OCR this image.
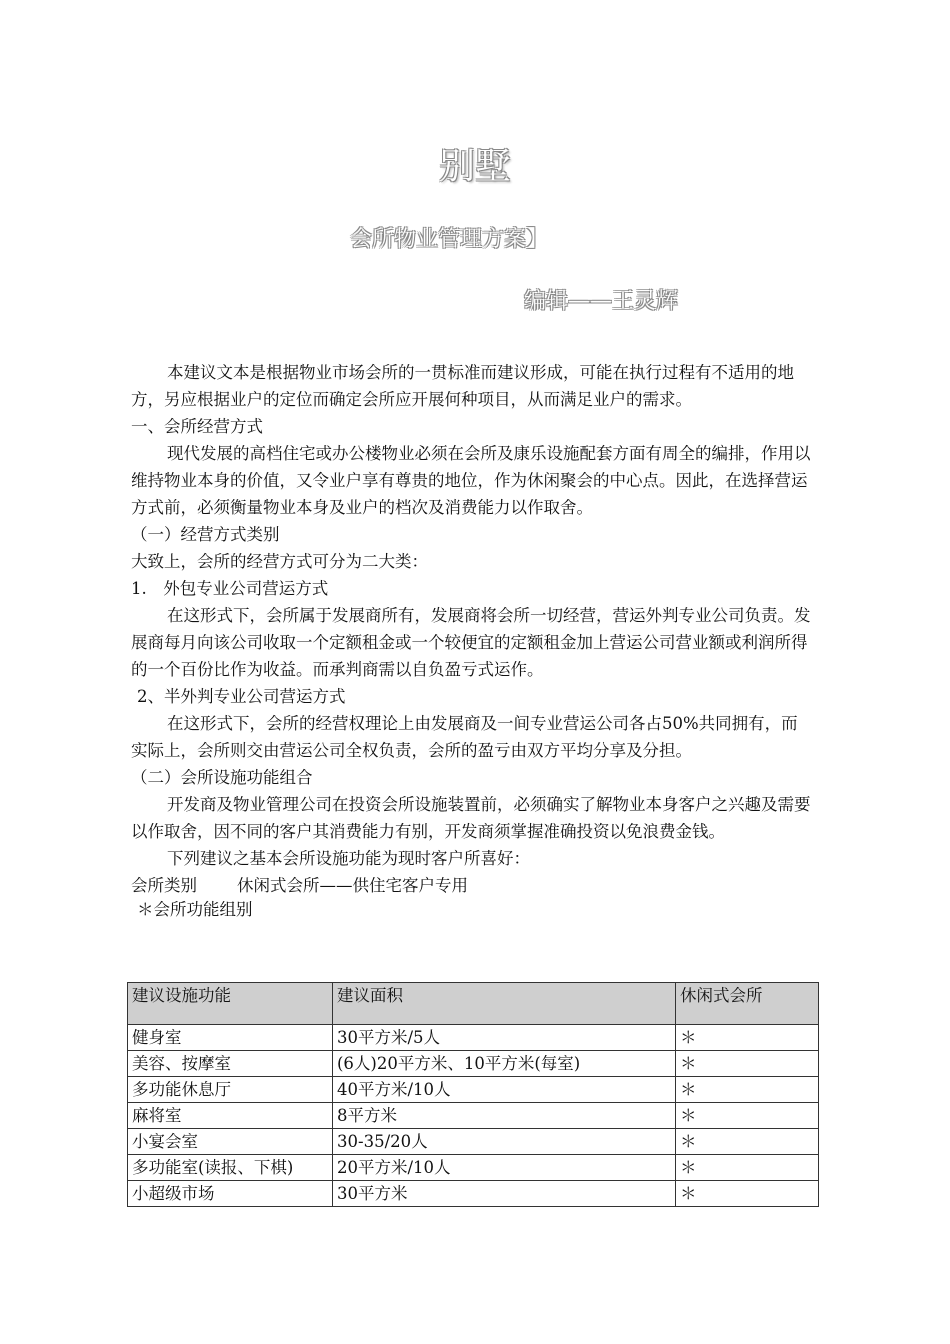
别墅
会所物业管理方案】
编辑——王灵辉

本建议文本是根据物业市场会所的一贯标准而建议形成，可能在执行过程有不适用的地方，另应根据业户的定位而确定会所应开展何种项目，从而满足业户的需求。

一、会所经营方式

现代发展的高档住宅或办公楼物业必须在会所及康乐设施配套方面有周全的编排，作用以维持物业本身的价值，又令业户享有尊贵的地位，作为休闲聚会的中心点。因此，在选择营运方式前，必须衡量物业本身及业户的档次及消费能力以作取舍。

（一）经营方式类别

大致上，会所的经营方式可分为二大类：

1.　外包专业公司营运方式

在这形式下，会所属于发展商所有，发展商将会所一切经营，营运外判专业公司负责。发展商每月向该公司收取一个定额租金或一个较便宜的定额租金加上营运公司营业额或利润所得的一个百份比作为收益。而承判商需以自负盈亏式运作。

2、半外判专业公司营运方式

在这形式下，会所的经营权理论上由发展商及一间专业营运公司各占50%共同拥有，而实际上，会所则交由营运公司全权负责，会所的盈亏由双方平均分享及分担。

（二）会所设施功能组合

开发商及物业管理公司在投资会所设施装置前，必须确实了解物业本身客户之兴趣及需要以作取舍，因不同的客户其消费能力有别，开发商须掌握准确投资以免浪费金钱。

下列建议之基本会所设施功能为现时客户所喜好：

会所类别 休闲式会所——供住宅客户专用

＊会所功能组别

建议设施功能	建议面积	休闲式会所
健身室	30平方米/5人	＊
美容、按摩室	(6人)20平方米、10平方米(每室)	＊
多功能休息厅	40平方米/10人	＊
麻将室	8平方米	＊
小宴会室	30-35/20人	＊
多功能室(读报、下棋)	20平方米/10人	＊
小超级市场	30平方米	＊
